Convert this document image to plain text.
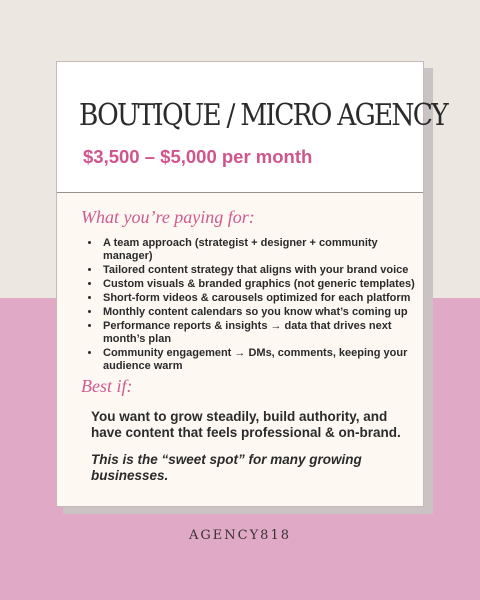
BOUTIQUE / MICRO AGENCY
$3,500 – $5,000 per month
What you’re paying for:
• A team approach (strategist + designer + community manager)
• Tailored content strategy that aligns with your brand voice
• Custom visuals & branded graphics (not generic templates)
• Short-form videos & carousels optimized for each platform
• Monthly content calendars so you know what’s coming up
• Performance reports & insights → data that drives next month’s plan
• Community engagement → DMs, comments, keeping your audience warm
Best if:
You want to grow steadily, build authority, and have content that feels professional & on-brand.
This is the “sweet spot” for many growing businesses.
AGENCY818
